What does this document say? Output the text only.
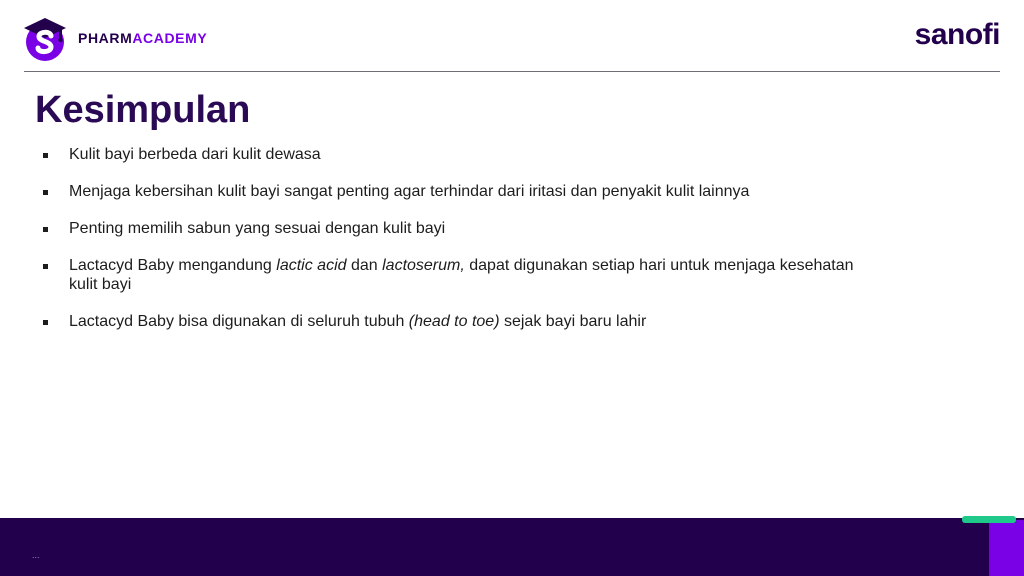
PHARMACADEMY	sanofi
Kesimpulan
Kulit bayi berbeda dari kulit dewasa
Menjaga kebersihan kulit bayi sangat penting agar terhindar dari iritasi dan penyakit kulit lainnya
Penting memilih sabun yang sesuai dengan kulit bayi
Lactacyd Baby mengandung lactic acid dan lactoserum, dapat digunakan setiap hari untuk menjaga kesehatan kulit bayi
Lactacyd Baby bisa digunakan di seluruh tubuh (head to toe) sejak bayi baru lahir
...
